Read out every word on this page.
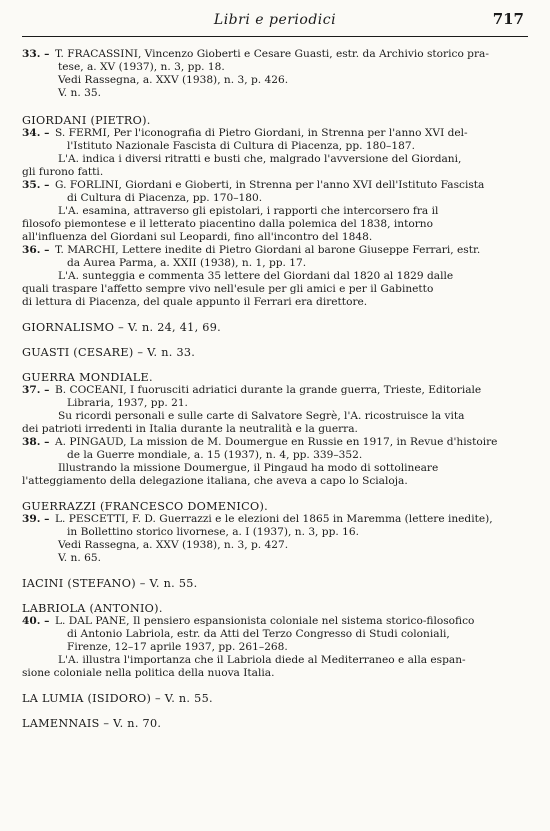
Libri e periodici	717
33. – T. FRACASSINI, Vincenzo Gioberti e Cesare Guasti, estr. da Archivio storico pra-
tese, a. XV (1937), n. 3, pp. 18.
Vedi Rassegna, a. XXV (1938), n. 3, p. 426.
V. n. 35.
GIORDANI (PIETRO).
34. – S. FERMI, Per l'iconografia di Pietro Giordani, in Strenna per l'anno XVI del-
l'Istituto Nazionale Fascista di Cultura di Piacenza, pp. 180–187.
L'A. indica i diversi ritratti e busti che, malgrado l'avversione del Giordani,
gli furono fatti.
35. – G. FORLINI, Giordani e Gioberti, in Strenna per l'anno XVI dell'Istituto Fascista
di Cultura di Piacenza, pp. 170–180.
L'A. esamina, attraverso gli epistolari, i rapporti che intercorsero fra il
filosofo piemontese e il letterato piacentino dalla polemica del 1838, intorno
all'influenza del Giordani sul Leopardi, fino all'incontro del 1848.
36. – T. MARCHI, Lettere inedite di Pietro Giordani al barone Giuseppe Ferrari, estr.
da Aurea Parma, a. XXII (1938), n. 1, pp. 17.
L'A. sunteggia e commenta 35 lettere del Giordani dal 1820 al 1829 dalle
quali traspare l'affetto sempre vivo nell'esule per gli amici e per il Gabinetto
di lettura di Piacenza, del quale appunto il Ferrari era direttore.
GIORNALISMO – V. n. 24, 41, 69.
GUASTI (CESARE) – V. n. 33.
GUERRA MONDIALE.
37. – B. COCEANI, I fuorusciti adriatici durante la grande guerra, Trieste, Editoriale
Libraria, 1937, pp. 21.
Su ricordi personali e sulle carte di Salvatore Segrè, l'A. ricostruisce la vita
dei patrioti irredenti in Italia durante la neutralità e la guerra.
38. – A. PINGAUD, La mission de M. Doumergue en Russie en 1917, in Revue d'histoire
de la Guerre mondiale, a. 15 (1937), n. 4, pp. 339–352.
Illustrando la missione Doumergue, il Pingaud ha modo di sottolineare
l'atteggiamento della delegazione italiana, che aveva a capo lo Scialoja.
GUERRAZZI (FRANCESCO DOMENICO).
39. – L. PESCETTI, F. D. Guerrazzi e le elezioni del 1865 in Maremma (lettere inedite),
in Bollettino storico livornese, a. I (1937), n. 3, pp. 16.
Vedi Rassegna, a. XXV (1938), n. 3, p. 427.
V. n. 65.
IACINI (STEFANO) – V. n. 55.
LABRIOLA (ANTONIO).
40. – L. DAL PANE, Il pensiero espansionista coloniale nel sistema storico-filosofico
di Antonio Labriola, estr. da Atti del Terzo Congresso di Studi coloniali,
Firenze, 12–17 aprile 1937, pp. 261–268.
L'A. illustra l'importanza che il Labriola diede al Mediterraneo e alla espan-
sione coloniale nella politica della nuova Italia.
LA LUMIA (ISIDORO) – V. n. 55.
LAMENNAIS – V. n. 70.
